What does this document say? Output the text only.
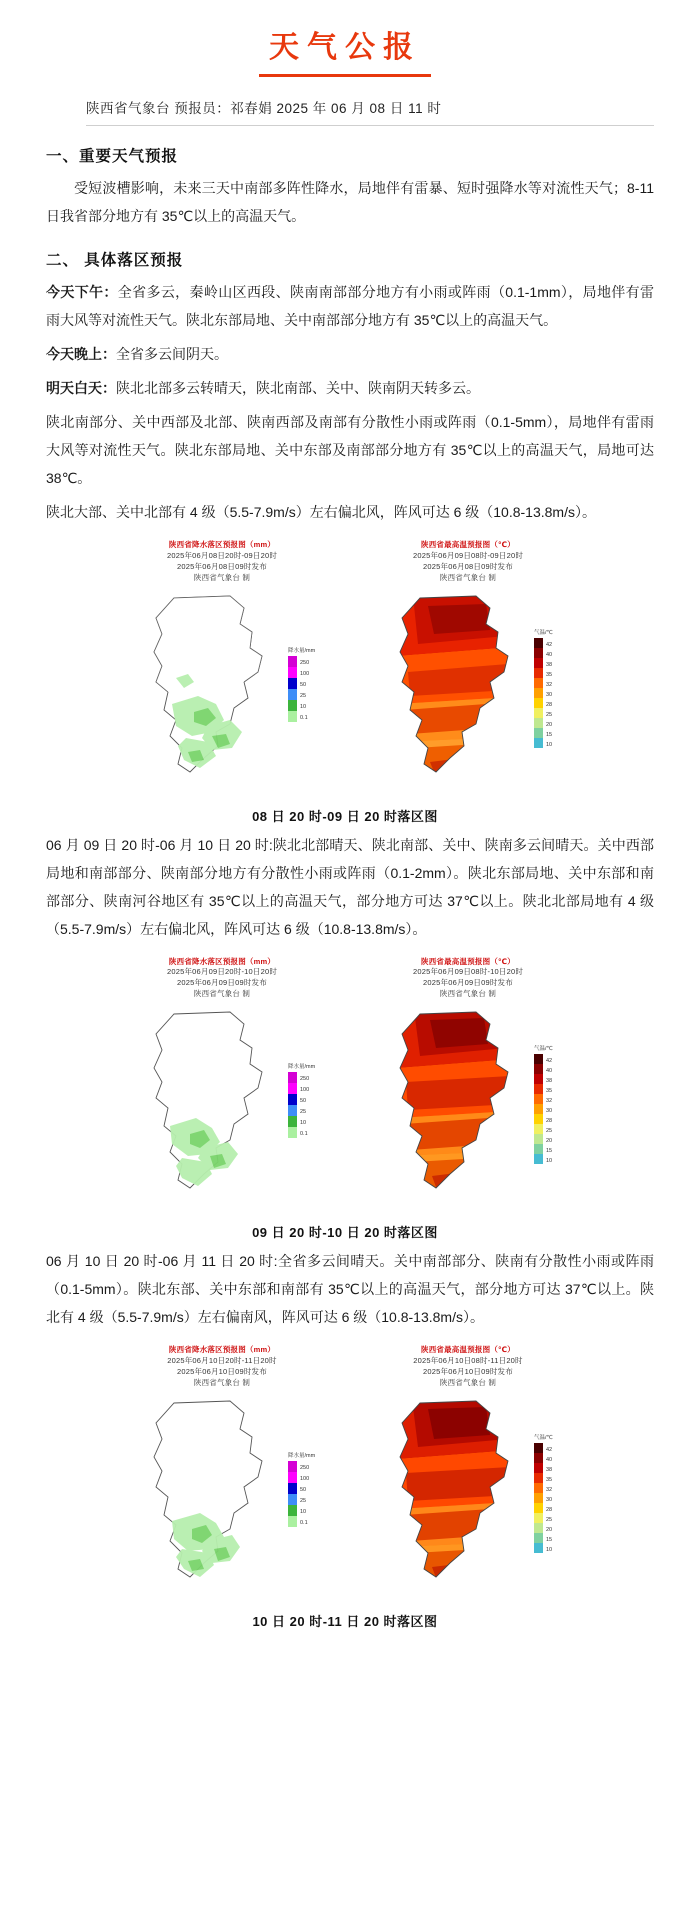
天气公报
陕西省气象台 预报员：祁春娟 2025 年 06 月 08 日 11 时
一、重要天气预报
受短波槽影响，未来三天中南部多阵性降水，局地伴有雷暴、短时强降水等对流性天气；8-11 日我省部分地方有 35℃以上的高温天气。
二、 具体落区预报
今天下午：全省多云，秦岭山区西段、陕南南部部分地方有小雨或阵雨（0.1-1mm），局地伴有雷雨大风等对流性天气。陕北东部局地、关中南部部分地方有 35℃以上的高温天气。
今天晚上：全省多云间阴天。
明天白天：陕北北部多云转晴天，陕北南部、关中、陕南阴天转多云。
陕北南部分、关中西部及北部、陕南西部及南部有分散性小雨或阵雨（0.1-5mm），局地伴有雷雨大风等对流性天气。陕北东部局地、关中东部及南部部分地方有 35℃以上的高温天气，局地可达 38℃。
陕北大部、关中北部有 4 级（5.5-7.9m/s）左右偏北风，阵风可达 6 级（10.8-13.8m/s）。
陕西省降水落区预报图（mm）
2025年06月08日20时-09日20时
2025年06月08日09时发布
陕西省气象台 制
降水量/mm
250
100
50
25
10
0.1
陕西省最高温预报图（℃）
2025年06月09日08时-09日20时
2025年06月08日09时发布
陕西省气象台 制
气温/℃
42
40
38
35
32
30
28
25
20
15
10
08 日 20 时-09 日 20 时落区图
06 月 09 日 20 时-06 月 10 日 20 时:陕北北部晴天、陕北南部、关中、陕南多云间晴天。关中西部局地和南部部分、陕南部分地方有分散性小雨或阵雨（0.1-2mm）。陕北东部局地、关中东部和南部部分、陕南河谷地区有 35℃以上的高温天气，部分地方可达 37℃以上。陕北北部局地有 4 级（5.5-7.9m/s）左右偏北风，阵风可达 6 级（10.8-13.8m/s）。
陕西省降水落区预报图（mm）
2025年06月09日20时-10日20时
2025年06月09日09时发布
陕西省气象台 制
降水量/mm
250
100
50
25
10
0.1
陕西省最高温预报图（℃）
2025年06月09日08时-10日20时
2025年06月09日09时发布
陕西省气象台 制
气温/℃
42
40
38
35
32
30
28
25
20
15
10
09 日 20 时-10 日 20 时落区图
06 月 10 日 20 时-06 月 11 日 20 时:全省多云间晴天。关中南部部分、陕南有分散性小雨或阵雨（0.1-5mm）。陕北东部、关中东部和南部有 35℃以上的高温天气，部分地方可达 37℃以上。陕北有 4 级（5.5-7.9m/s）左右偏南风，阵风可达 6 级（10.8-13.8m/s）。
陕西省降水落区预报图（mm）
2025年06月10日20时-11日20时
2025年06月10日09时发布
陕西省气象台 制
降水量/mm
250
100
50
25
10
0.1
陕西省最高温预报图（℃）
2025年06月10日08时-11日20时
2025年06月10日09时发布
陕西省气象台 制
气温/℃
42
40
38
35
32
30
28
25
20
15
10
10 日 20 时-11 日 20 时落区图
